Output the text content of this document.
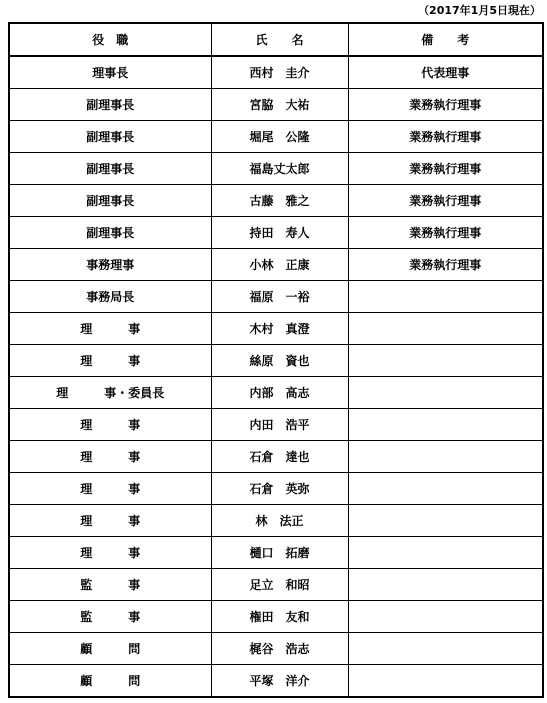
（2017年1月5日現在）
役　職	氏　　名	備　　考
理事長	西村　圭介	代表理事
副理事長	宮脇　大祐	業務執行理事
副理事長	堀尾　公隆	業務執行理事
副理事長	福島丈太郎	業務執行理事
副理事長	古藤　雅之	業務執行理事
副理事長	持田　寿人	業務執行理事
事務理事	小林　正康	業務執行理事
事務局長	福原　一裕	
理　　　事	木村　真澄	
理　　　事	絲原　資也	
理　　　事・委員長	内部　高志	
理　　　事	内田　浩平	
理　　　事	石倉　達也	
理　　　事	石倉　英弥	
理　　　事	林　法正	
理　　　事	樋口　拓磨	
監　　　事	足立　和昭	
監　　　事	権田　友和	
顧　　　問	梶谷　浩志	
顧　　　問	平塚　洋介	
